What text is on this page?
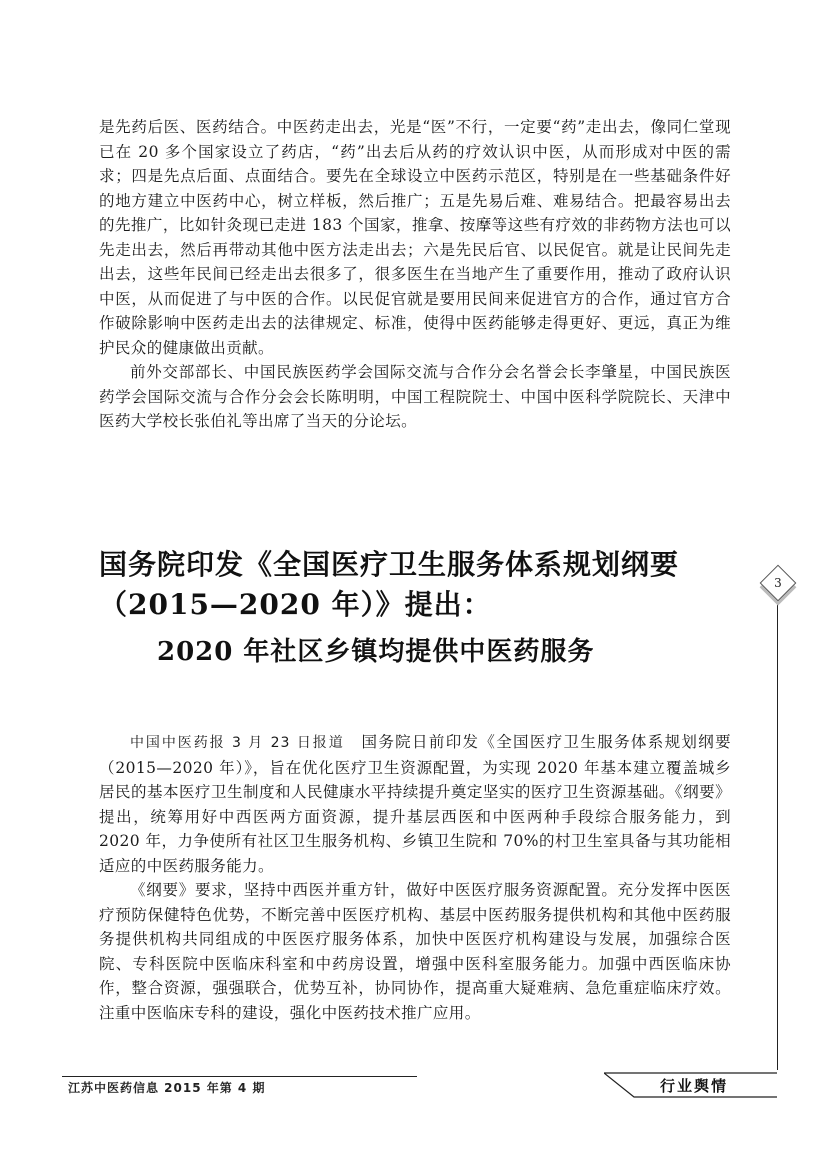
是先药后医、医药结合。中医药走出去，光是“医”不行，一定要“药”走出去，像同仁堂现已在 20 多个国家设立了药店，“药”出去后从药的疗效认识中医，从而形成对中医的需求；四是先点后面、点面结合。要先在全球设立中医药示范区，特别是在一些基础条件好的地方建立中医药中心，树立样板，然后推广；五是先易后难、难易结合。把最容易出去的先推广，比如针灸现已走进 183 个国家，推拿、按摩等这些有疗效的非药物方法也可以先走出去，然后再带动其他中医方法走出去；六是先民后官、以民促官。就是让民间先走出去，这些年民间已经走出去很多了，很多医生在当地产生了重要作用，推动了政府认识中医，从而促进了与中医的合作。以民促官就是要用民间来促进官方的合作，通过官方合作破除影响中医药走出去的法律规定、标准，使得中医药能够走得更好、更远，真正为维护民众的健康做出贡献。

前外交部部长、中国民族医药学会国际交流与合作分会名誉会长李肇星，中国民族医药学会国际交流与合作分会会长陈明明，中国工程院院士、中国中医科学院院长、天津中医药大学校长张伯礼等出席了当天的分论坛。

国务院印发《全国医疗卫生服务体系规划纲要
（2015—2020 年）》提出：
2020 年社区乡镇均提供中医药服务

中国中医药报 3 月 23 日报道　 国务院日前印发《全国医疗卫生服务体系规划纲要（2015—2020 年）》，旨在优化医疗卫生资源配置，为实现 2020 年基本建立覆盖城乡居民的基本医疗卫生制度和人民健康水平持续提升奠定坚实的医疗卫生资源基础。《纲要》提出，统筹用好中西医两方面资源，提升基层西医和中医两种手段综合服务能力，到 2020 年，力争使所有社区卫生服务机构、乡镇卫生院和 70%的村卫生室具备与其功能相适应的中医药服务能力。

《纲要》要求，坚持中西医并重方针，做好中医医疗服务资源配置。充分发挥中医医疗预防保健特色优势，不断完善中医医疗机构、基层中医药服务提供机构和其他中医药服务提供机构共同组成的中医医疗服务体系，加快中医医疗机构建设与发展，加强综合医院、专科医院中医临床科室和中药房设置，增强中医科室服务能力。加强中西医临床协作，整合资源，强强联合，优势互补，协同协作，提高重大疑难病、急危重症临床疗效。注重中医临床专科的建设，强化中医药技术推广应用。

3
江苏中医药信息 2015 年第 4 期	行业舆情
